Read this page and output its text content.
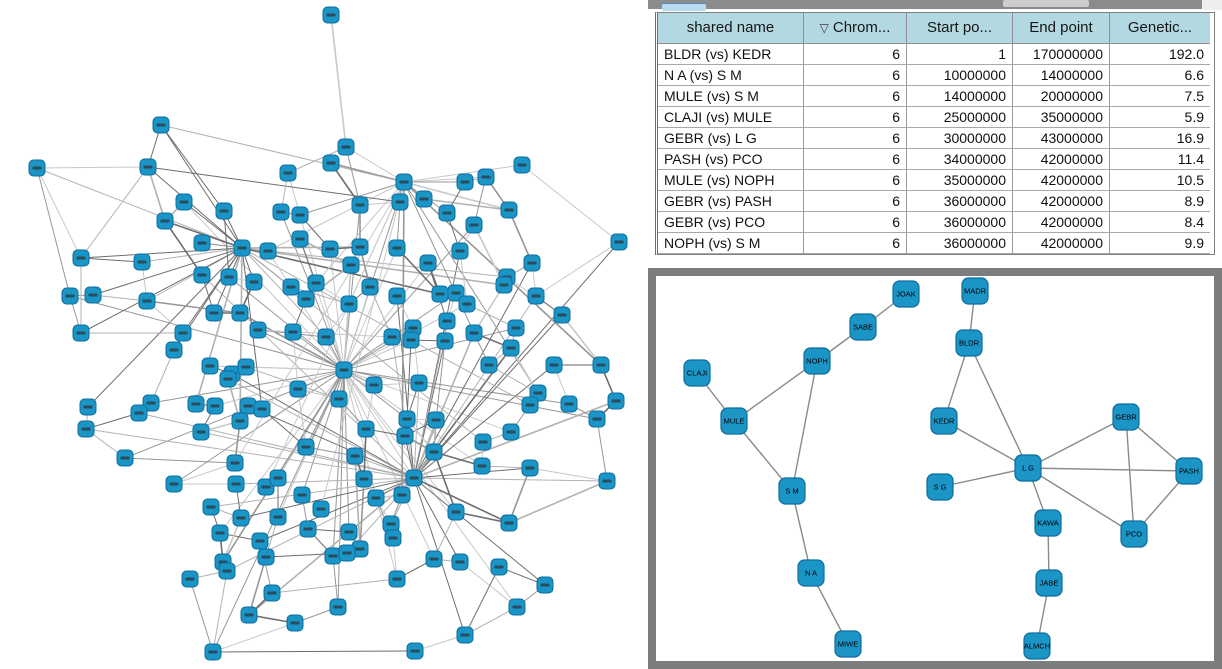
shared name	▽ Chrom...	Start po...	End point	Genetic...
BLDR (vs) KEDR	6	1	170000000	192.0
N A (vs) S M	6	10000000	14000000	6.6
MULE (vs) S M	6	14000000	20000000	7.5
CLAJI (vs) MULE	6	25000000	35000000	5.9
GEBR (vs) L G	6	30000000	43000000	16.9
PASH (vs) PCO	6	34000000	42000000	11.4
MULE (vs) NOPH	6	35000000	42000000	10.5
GEBR (vs) PASH	6	36000000	42000000	8.9
GEBR (vs) PCO	6	36000000	42000000	8.4
NOPH (vs) S M	6	36000000	42000000	9.9
JOAK	MADR
SABE
BLDR
NOPH
CLAJI
MULE	KEDR	GEBR
L G	PASH
S G
S M
KAWA
PCO
N A
JABE
ALMCH
MIWE
